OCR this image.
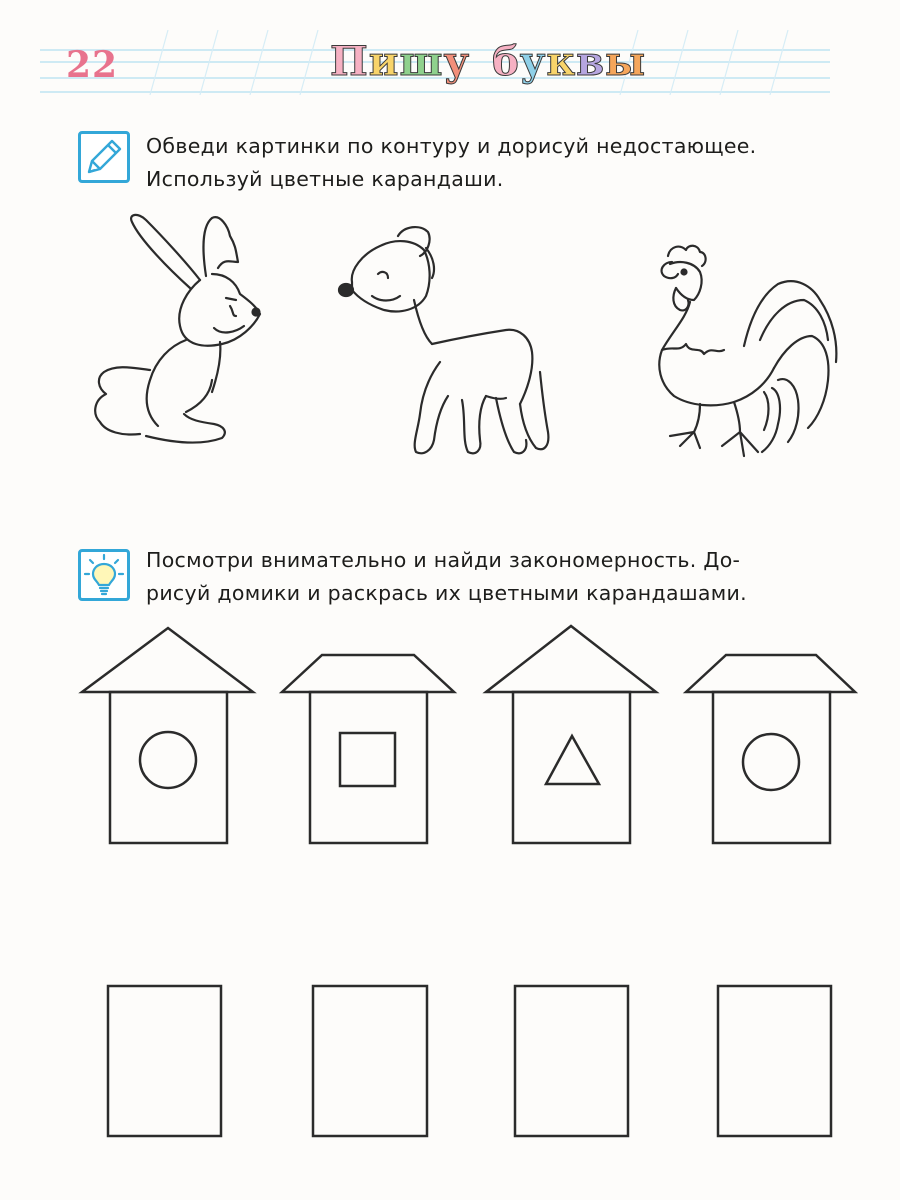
22	Пишу буквы
Обведи картинки по контуру и дорисуй недостающее.
Используй цветные карандаши.
Посмотри внимательно и найди закономерность. До-
рисуй домики и раскрась их цветными карандашами.
